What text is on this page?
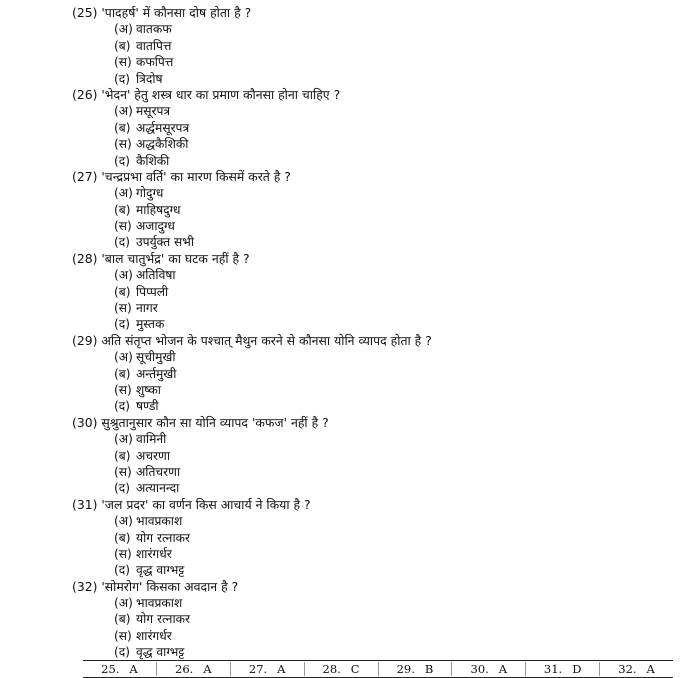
(25) 'पादहर्ष' में कौनसा दोष होता है ?
(अ) वातकफ
(ब) वातपित्त
(स) कफपित्त
(द) त्रिदोष
(26) 'भेदन' हेतु शस्त्र धार का प्रमाण कौनसा होना चाहिए ?
(अ) मसूरपत्र
(ब) अर्द्धमसूरपत्र
(स) अद्धकैशिकी
(द) कैशिकी
(27) 'चन्द्रप्रभा वर्ति' का मारण किसमें करते है ?
(अ) गोदुग्ध
(ब) माहिषदुग्ध
(स) अजादुग्ध
(द) उपर्युक्त सभी
(28) 'बाल चातुर्भद्र' का घटक नहीं है ?
(अ) अतिविषा
(ब) पिप्पली
(स) नागर
(द) मुस्तक
(29) अति संतृप्त भोजन के पश्चात् मैथुन करने से कौनसा योनि व्यापद होता है ?
(अ) सूचीमुखी
(ब) अर्न्तमुखी
(स) शुष्का
(द) षण्डी
(30) सुश्रुतानुसार कौन सा योनि व्यापद 'कफज' नहीं है ?
(अ) वामिनी
(ब) अचरणा
(स) अतिचरणा
(द) अत्यानन्दा
(31) 'जल प्रदर' का वर्णन किस आचार्य ने किया है ?
(अ) भावप्रकाश
(ब) योग रत्नाकर
(स) शारंगर्धर
(द) वृद्ध वाग्भट्ट
(32) 'सोमरोग' किसका अवदान है ?
(अ) भावप्रकाश
(ब) योग रत्नाकर
(स) शारंगर्धर
(द) वृद्ध वाग्भट्ट
25. A	26. A	27. A	28. C	29. B	30. A	31. D	32. A
